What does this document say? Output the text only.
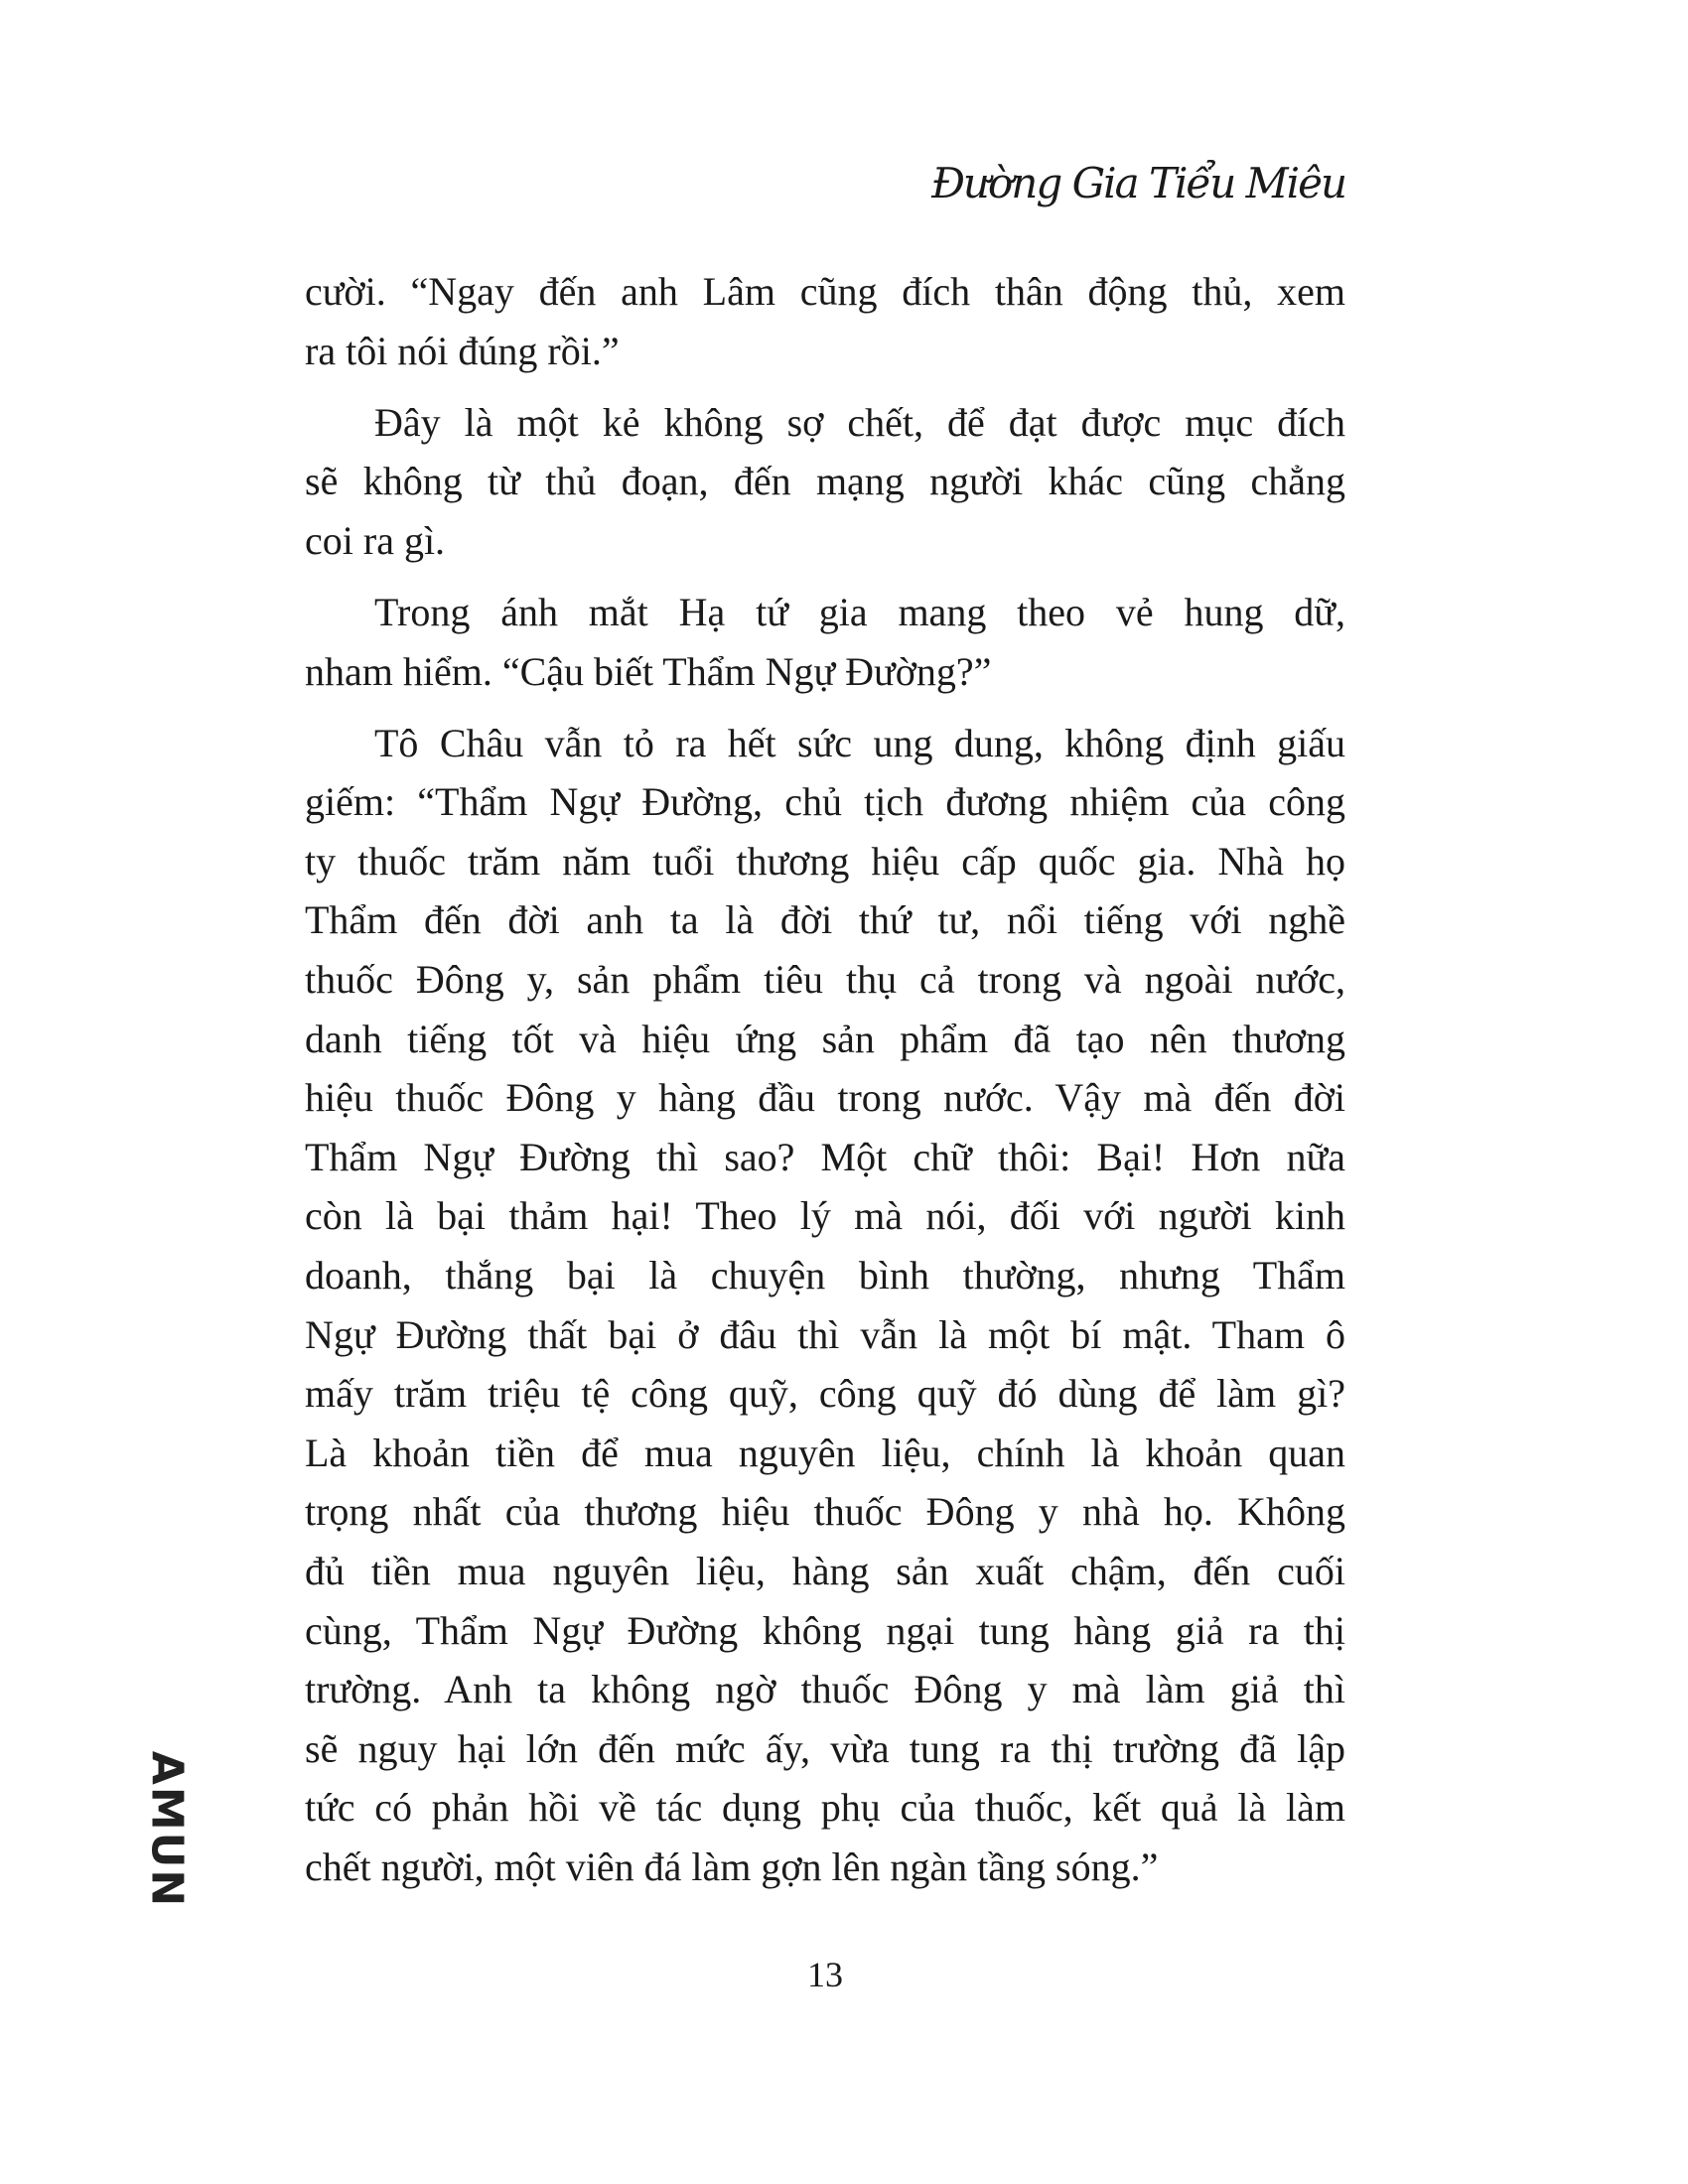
Đường Gia Tiểu Miêu
cười. “Ngay đến anh Lâm cũng đích thân động thủ, xem
ra tôi nói đúng rồi.”
Đây là một kẻ không sợ chết, để đạt được mục đích
sẽ không từ thủ đoạn, đến mạng người khác cũng chẳng
coi ra gì.
Trong ánh mắt Hạ tứ gia mang theo vẻ hung dữ,
nham hiểm. “Cậu biết Thẩm Ngự Đường?”
Tô Châu vẫn tỏ ra hết sức ung dung, không định giấu
giếm: “Thẩm Ngự Đường, chủ tịch đương nhiệm của công
ty thuốc trăm năm tuổi thương hiệu cấp quốc gia. Nhà họ
Thẩm đến đời anh ta là đời thứ tư, nổi tiếng với nghề
thuốc Đông y, sản phẩm tiêu thụ cả trong và ngoài nước,
danh tiếng tốt và hiệu ứng sản phẩm đã tạo nên thương
hiệu thuốc Đông y hàng đầu trong nước. Vậy mà đến đời
Thẩm Ngự Đường thì sao? Một chữ thôi: Bại! Hơn nữa
còn là bại thảm hại! Theo lý mà nói, đối với người kinh
doanh, thắng bại là chuyện bình thường, nhưng Thẩm
Ngự Đường thất bại ở đâu thì vẫn là một bí mật. Tham ô
mấy trăm triệu tệ công quỹ, công quỹ đó dùng để làm gì?
Là khoản tiền để mua nguyên liệu, chính là khoản quan
trọng nhất của thương hiệu thuốc Đông y nhà họ. Không
đủ tiền mua nguyên liệu, hàng sản xuất chậm, đến cuối
cùng, Thẩm Ngự Đường không ngại tung hàng giả ra thị
trường. Anh ta không ngờ thuốc Đông y mà làm giả thì
sẽ nguy hại lớn đến mức ấy, vừa tung ra thị trường đã lập
tức có phản hồi về tác dụng phụ của thuốc, kết quả là làm
chết người, một viên đá làm gợn lên ngàn tầng sóng.”
13
AMUN
